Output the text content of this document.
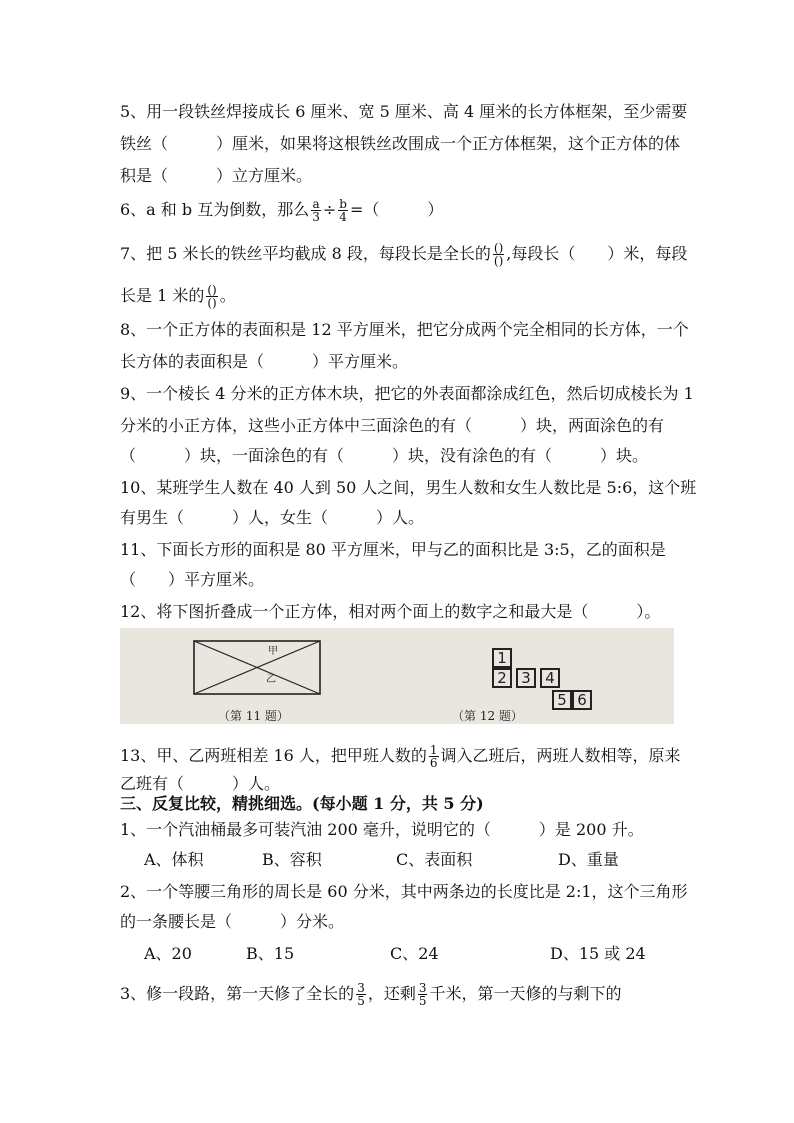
5、用一段铁丝焊接成长 6 厘米、宽 5 厘米、高 4 厘米的长方体框架，至少需要
铁丝（　　　）厘米，如果将这根铁丝改围成一个正方体框架，这个正方体的体
积是（　　　）立方厘米。
6、a 和 b 互为倒数，那么 $\frac{a}{3} \div \frac{b}{4}$ =（　　　）
7、把 5 米长的铁丝平均截成 8 段，每段长是全长的 $\frac{()}{()}$ ,每段长（　　）米，每段
长是 1 米的 $\frac{()}{()}$ 。
8、一个正方体的表面积是 12 平方厘米，把它分成两个完全相同的长方体，一个
长方体的表面积是（　　　）平方厘米。
9、一个棱长 4 分米的正方体木块，把它的外表面都涂成红色，然后切成棱长为 1
分米的小正方体，这些小正方体中三面涂色的有（　　　）块，两面涂色的有
（　　　）块，一面涂色的有（　　　）块，没有涂色的有（　　　）块。
10、某班学生人数在 40 人到 50 人之间，男生人数和女生人数比是 5:6，这个班
有男生（　　　）人，女生（　　　）人。
11、下面长方形的面积是 80 平方厘米，甲与乙的面积比是 3:5，乙的面积是
（　　）平方厘米。
12、将下图折叠成一个正方体，相对两个面上的数字之和最大是（　　　）。
甲
乙
（第 11 题）
1
2 3 4
5 6
（第 12 题）
13、甲、乙两班相差 16 人，把甲班人数的 $\frac{1}{6}$ 调入乙班后，两班人数相等，原来
乙班有（　　　）人。
三、反复比较，精挑细选。(每小题 1 分，共 5 分)
1、一个汽油桶最多可装汽油 200 毫升，说明它的（　　　）是 200 升。
A、体积	B、容积	C、表面积	D、重量
2、一个等腰三角形的周长是 60 分米，其中两条边的长度比是 2:1，这个三角形
的一条腰长是（　　　）分米。
A、20	B、15	C、24	D、15 或 24
3、修一段路，第一天修了全长的 $\frac{3}{5}$ ，还剩 $\frac{3}{5}$ 千米，第一天修的与剩下的
